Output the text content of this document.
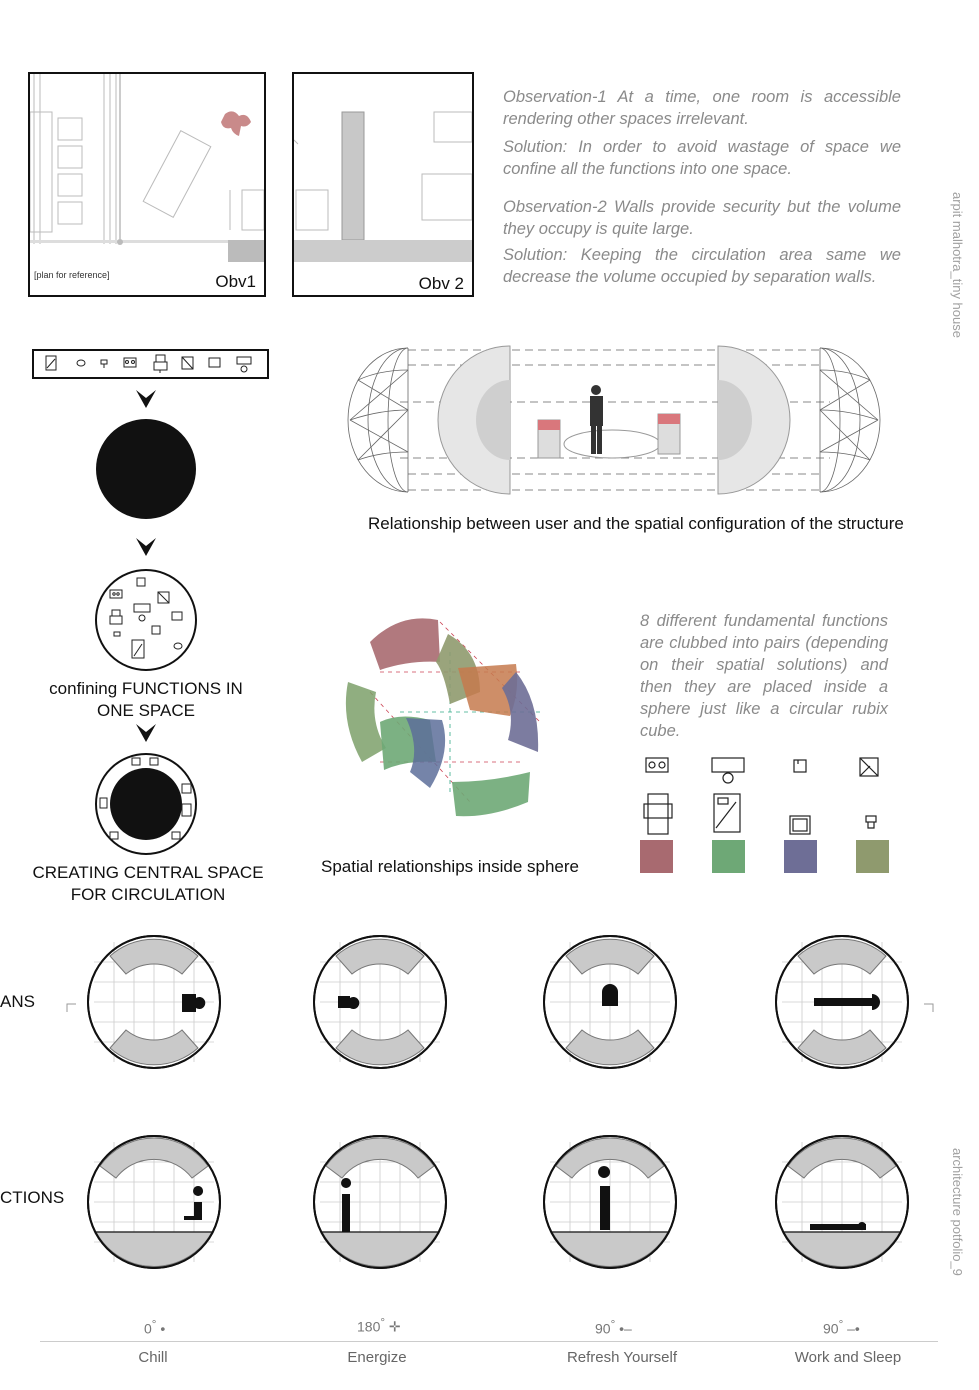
[plan for reference]	Obv1	Obv 2
Observation-1 At a time, one room is accessible rendering other spaces irrelevant.
Solution: In order to avoid wastage of space we confine all the functions into one space.
Observation-2 Walls provide security but the volume they occupy is quite large.
Solution: Keeping the circulation area same we decrease the volume occupied by separation walls.	arpit malhotra_tiny house
architecture potfolio_9
confining FUNCTIONS IN ONE SPACE
CREATING CENTRAL SPACE FOR CIRCULATION
Relationship between user and the spatial configuration of the structure
Spatial relationships inside sphere
8 different fundamental functions are clubbed into pairs (depending on their spatial solutions) and then they are placed inside a sphere just like a circular rubix cube.
ANS
CTIONS
0° •
Chill
180° ✛
Energize
90° •–
Refresh Yourself
90° –•
Work and Sleep
